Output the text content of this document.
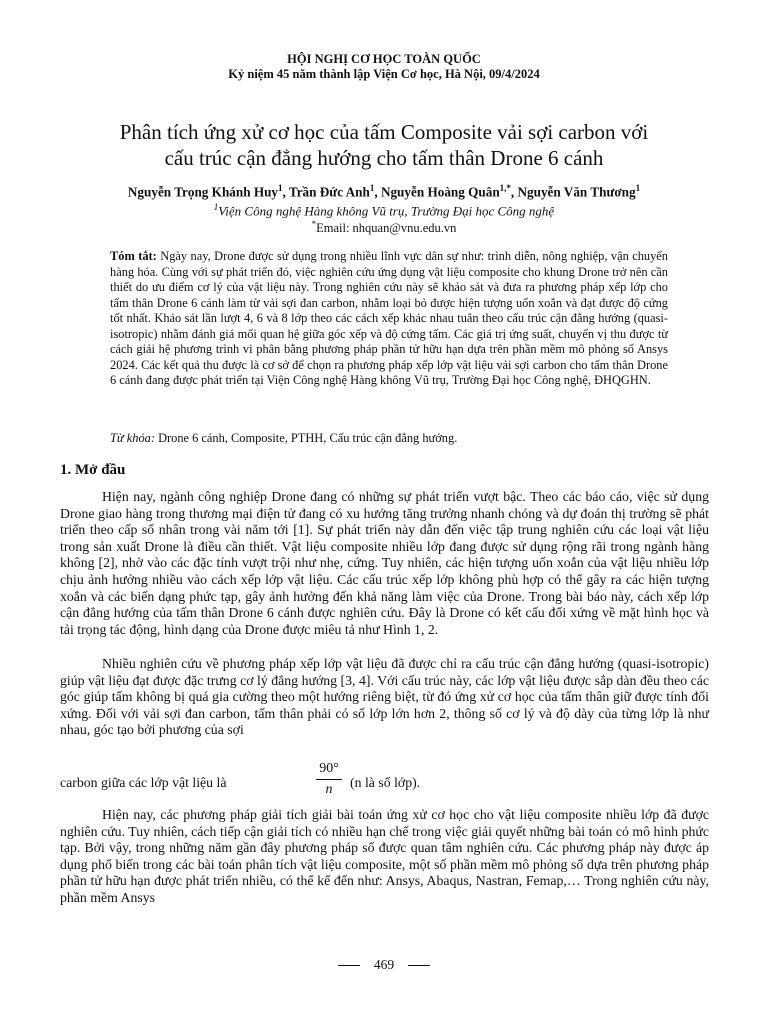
HỘI NGHỊ CƠ HỌC TOÀN QUỐC
Kỷ niệm 45 năm thành lập Viện Cơ học, Hà Nội, 09/4/2024
Phân tích ứng xử cơ học của tấm Composite vải sợi carbon với
cấu trúc cận đẳng hướng cho tấm thân Drone 6 cánh
Nguyễn Trọng Khánh Huy$^1$, Trần Đức Anh$^1$, Nguyễn Hoàng Quân$^{1,*}$, Nguyễn Văn Thương$^1$
$^1$Viện Công nghệ Hàng không Vũ trụ, Trường Đại học Công nghệ
*Email: nhquan@vnu.edu.vn
Tóm tắt: Ngày nay, Drone được sử dụng trong nhiều lĩnh vực dân sự như: trình diễn, nông nghiệp, vận chuyển hàng hóa. Cùng với sự phát triển đó, việc nghiên cứu ứng dụng vật liệu composite cho khung Drone trở nên cần thiết do ưu điểm cơ lý của vật liệu này. Trong nghiên cứu này sẽ khảo sát và đưa ra phương pháp xếp lớp cho tấm thân Drone 6 cánh làm từ vải sợi đan carbon, nhằm loại bỏ được hiện tượng uốn xoắn và đạt được độ cứng tốt nhất. Khảo sát lần lượt 4, 6 và 8 lớp theo các cách xếp khác nhau tuân theo cấu trúc cận đẳng hướng (quasi-isotropic) nhằm đánh giá mối quan hệ giữa góc xếp và độ cứng tấm. Các giá trị ứng suất, chuyển vị thu được từ cách giải hệ phương trình vi phân bằng phương pháp phần tử hữu hạn dựa trên phần mềm mô phỏng số Ansys 2024. Các kết quả thu được là cơ sở để chọn ra phương pháp xếp lớp vật liệu vải sợi carbon cho tấm thân Drone 6 cánh đang được phát triển tại Viện Công nghệ Hàng không Vũ trụ, Trường Đại học Công nghệ, ĐHQGHN.
Từ khóa: Drone 6 cánh, Composite, PTHH, Cấu trúc cận đẳng hướng.
1. Mở đầu
Hiện nay, ngành công nghiệp Drone đang có những sự phát triển vượt bậc. Theo các báo cáo, việc sử dụng Drone giao hàng trong thương mại điện tử đang có xu hướng tăng trưởng nhanh chóng và dự đoán thị trường sẽ phát triển theo cấp số nhân trong vài năm tới [1]. Sự phát triển này dẫn đến việc tập trung nghiên cứu các loại vật liệu trong sản xuất Drone là điều cần thiết. Vật liệu composite nhiều lớp đang được sử dụng rộng rãi trong ngành hàng không [2], nhờ vào các đặc tính vượt trội như nhẹ, cứng. Tuy nhiên, các hiện tượng uốn xoắn của vật liệu nhiều lớp chịu ảnh hưởng nhiều vào cách xếp lớp vật liệu. Các cấu trúc xếp lớp không phù hợp có thể gây ra các hiện tượng xoắn và các biến dạng phức tạp, gây ảnh hưởng đến khả năng làm việc của Drone. Trong bài báo này, cách xếp lớp cận đẳng hướng của tấm thân Drone 6 cánh được nghiên cứu. Đây là Drone có kết cấu đối xứng về mặt hình học và tải trọng tác động, hình dạng của Drone được miêu tả như Hình 1, 2.
Nhiều nghiên cứu về phương pháp xếp lớp vật liệu đã được chỉ ra cấu trúc cận đẳng hướng (quasi-isotropic) giúp vật liệu đạt được đặc trưng cơ lý đẳng hướng [3, 4]. Với cấu trúc này, các lớp vật liệu được sắp dàn đều theo các góc giúp tấm không bị quá gia cường theo một hướng riêng biệt, từ đó ứng xử cơ học của tấm thân giữ được tính đối xứng. Đối với vải sợi đan carbon, tấm thân phải có số lớp lớn hơn 2, thông số cơ lý và độ dày của từng lớp là như nhau, góc tạo bởi phương của sợi
carbon giữa các lớp vật liệu là
90°
n	(n là số lớp).
Hiện nay, các phương pháp giải tích giải bài toán ứng xử cơ học cho vật liệu composite nhiều lớp đã được nghiên cứu. Tuy nhiên, cách tiếp cận giải tích có nhiều hạn chế trong việc giải quyết những bài toán có mô hình phức tạp. Bởi vậy, trong những năm gần đây phương pháp số được quan tâm nghiên cứu. Các phương pháp này được áp dụng phổ biến trong các bài toán phân tích vật liệu composite, một số phần mềm mô phỏng số dựa trên phương pháp phần tử hữu hạn được phát triển nhiều, có thể kể đến như: Ansys, Abaqus, Nastran, Femap,… Trong nghiên cứu này, phần mềm Ansys
469
